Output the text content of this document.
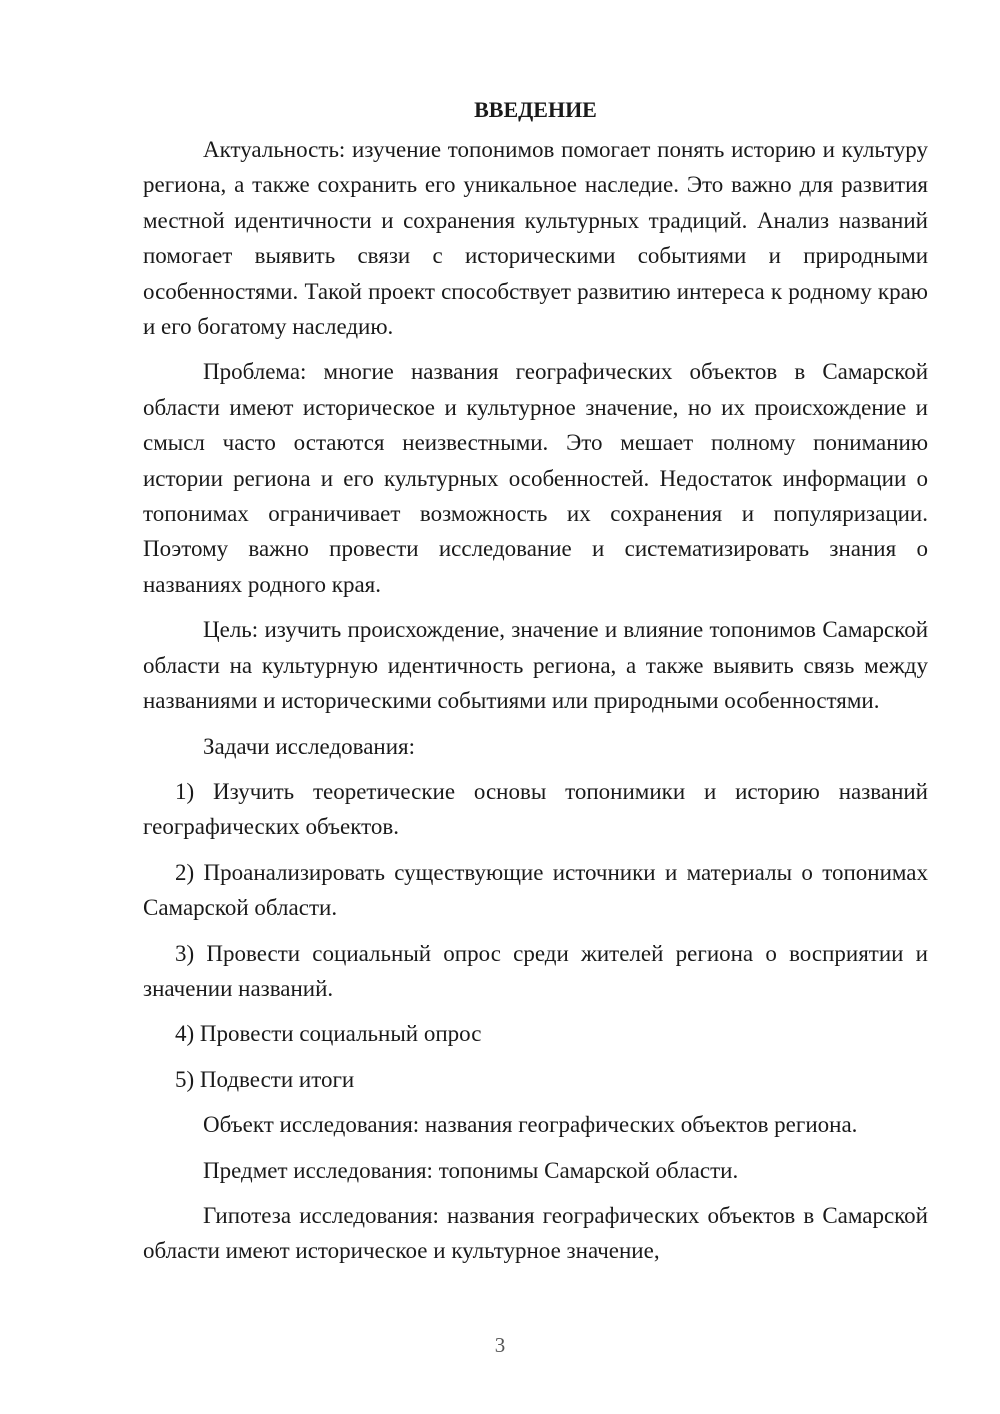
ВВЕДЕНИЕ

Актуальность: изучение топонимов помогает понять историю и культуру региона, а также сохранить его уникальное наследие. Это важно для развития местной идентичности и сохранения культурных традиций. Анализ названий помогает выявить связи с историческими событиями и природными особенностями. Такой проект способствует развитию интереса к родному краю и его богатому наследию.

Проблема: многие названия географических объектов в Самарской области имеют историческое и культурное значение, но их происхождение и смысл часто остаются неизвестными. Это мешает полному пониманию истории региона и его культурных особенностей. Недостаток информации о топонимах ограничивает возможность их сохранения и популяризации. Поэтому важно провести исследование и систематизировать знания о названиях родного края.

Цель: изучить происхождение, значение и влияние топонимов Самарской области на культурную идентичность региона, а также выявить связь между названиями и историческими событиями или природными особенностями.

Задачи исследования:

1) Изучить теоретические основы топонимики и историю названий географических объектов.

2) Проанализировать существующие источники и материалы о топонимах Самарской области.

3) Провести социальный опрос среди жителей региона о восприятии и значении названий.

4) Провести социальный опрос

5) Подвести итоги

Объект исследования: названия географических объектов региона.

Предмет исследования: топонимы Самарской области.

Гипотеза исследования: названия географических объектов в Самарской области имеют историческое и культурное значение,

3
